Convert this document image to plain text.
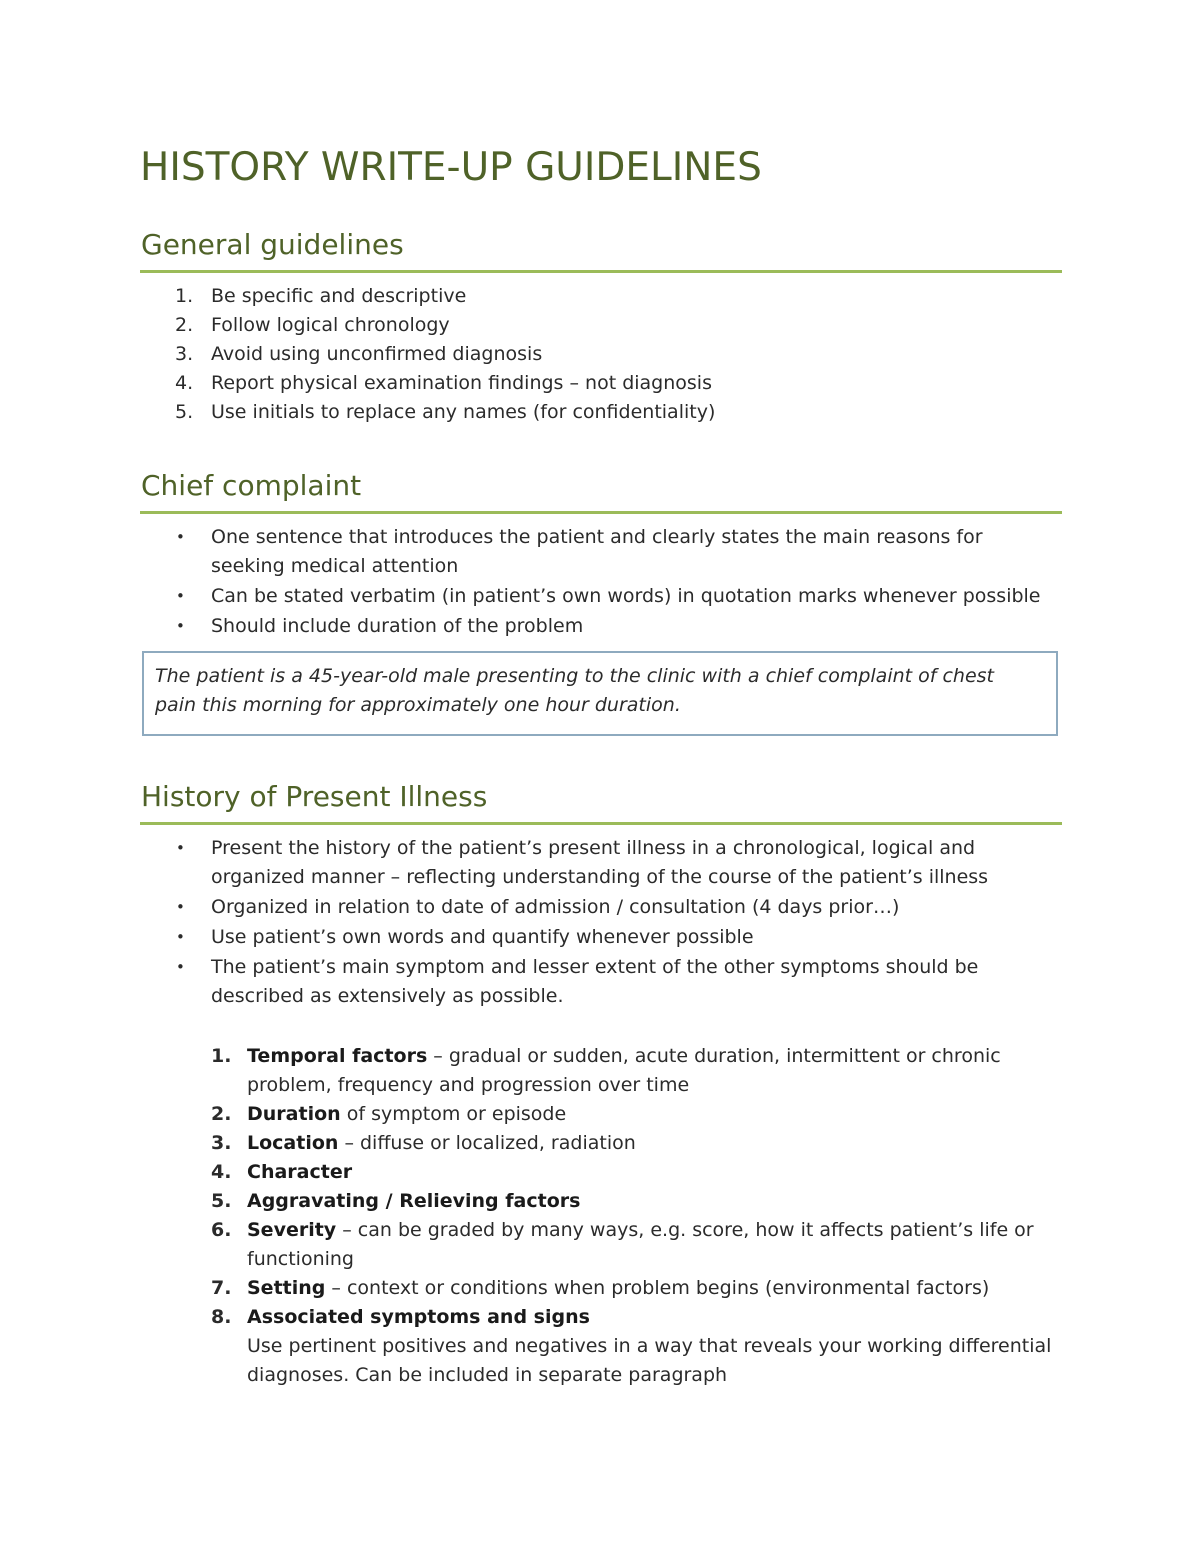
HISTORY WRITE-UP GUIDELINES
General guidelines
1. Be specific and descriptive
2. Follow logical chronology
3. Avoid using unconfirmed diagnosis
4. Report physical examination findings – not diagnosis
5. Use initials to replace any names (for confidentiality)
Chief complaint
• One sentence that introduces the patient and clearly states the main reasons for seeking medical attention
• Can be stated verbatim (in patient’s own words) in quotation marks whenever possible
• Should include duration of the problem
The patient is a 45-year-old male presenting to the clinic with a chief complaint of chest pain this morning for approximately one hour duration.
History of Present Illness
• Present the history of the patient’s present illness in a chronological, logical and organized manner – reflecting understanding of the course of the patient’s illness
• Organized in relation to date of admission / consultation (4 days prior…)
• Use patient’s own words and quantify whenever possible
• The patient’s main symptom and lesser extent of the other symptoms should be described as extensively as possible.
1. Temporal factors – gradual or sudden, acute duration, intermittent or chronic problem, frequency and progression over time
2. Duration of symptom or episode
3. Location – diffuse or localized, radiation
4. Character
5. Aggravating / Relieving factors
6. Severity – can be graded by many ways, e.g. score, how it affects patient’s life or functioning
7. Setting – context or conditions when problem begins (environmental factors)
8. Associated symptoms and signs
Use pertinent positives and negatives in a way that reveals your working differential diagnoses. Can be included in separate paragraph
